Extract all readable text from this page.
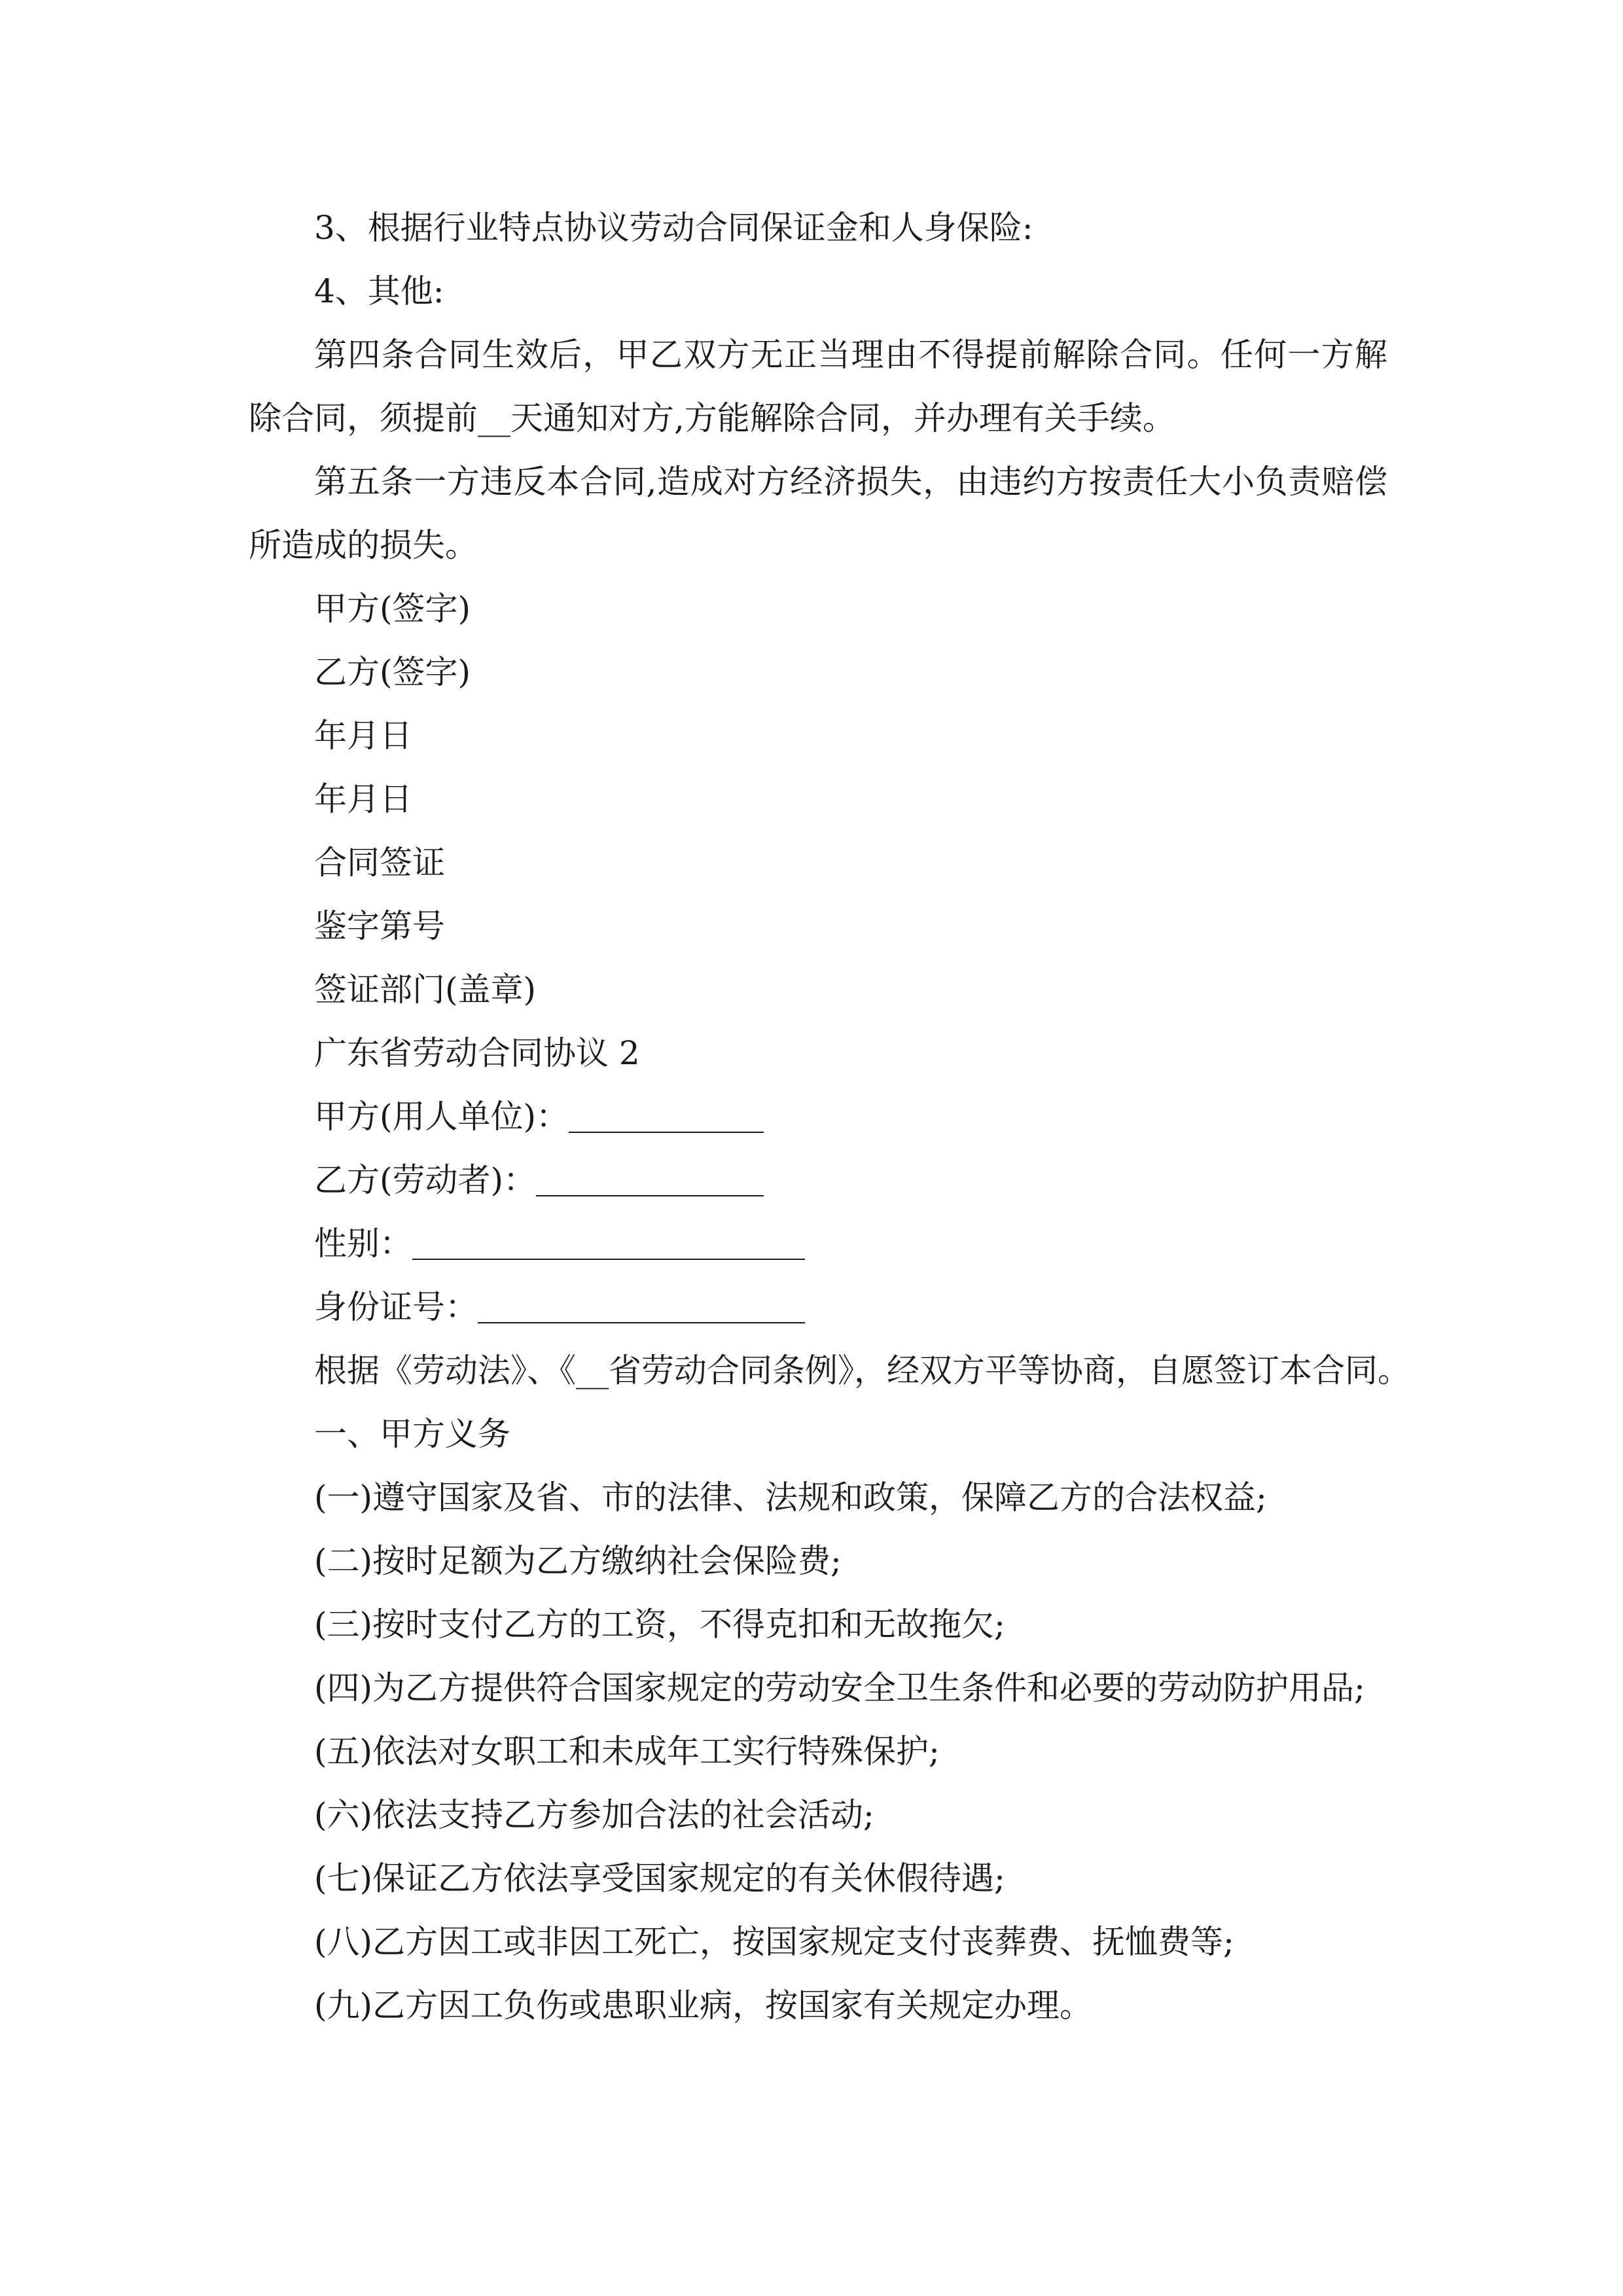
3、根据行业特点协议劳动合同保证金和人身保险:
4、其他:
第四条合同生效后，甲乙双方无正当理由不得提前解除合同。任何一方解除合同，须提前__天通知对方,方能解除合同，并办理有关手续。
第五条一方违反本合同,造成对方经济损失，由违约方按责任大小负责赔偿所造成的损失。
甲方(签字)
乙方(签字)
年月日
年月日
合同签证
鉴字第号
签证部门(盖章)
广东省劳动合同协议 2
甲方(用人单位)：
乙方(劳动者)：
性别：
身份证号：
根据《劳动法》、《__省劳动合同条例》，经双方平等协商，自愿签订本合同。
一、甲方义务
(一)遵守国家及省、市的法律、法规和政策，保障乙方的合法权益;
(二)按时足额为乙方缴纳社会保险费;
(三)按时支付乙方的工资，不得克扣和无故拖欠;
(四)为乙方提供符合国家规定的劳动安全卫生条件和必要的劳动防护用品;
(五)依法对女职工和未成年工实行特殊保护;
(六)依法支持乙方参加合法的社会活动;
(七)保证乙方依法享受国家规定的有关休假待遇;
(八)乙方因工或非因工死亡，按国家规定支付丧葬费、抚恤费等;
(九)乙方因工负伤或患职业病，按国家有关规定办理。
